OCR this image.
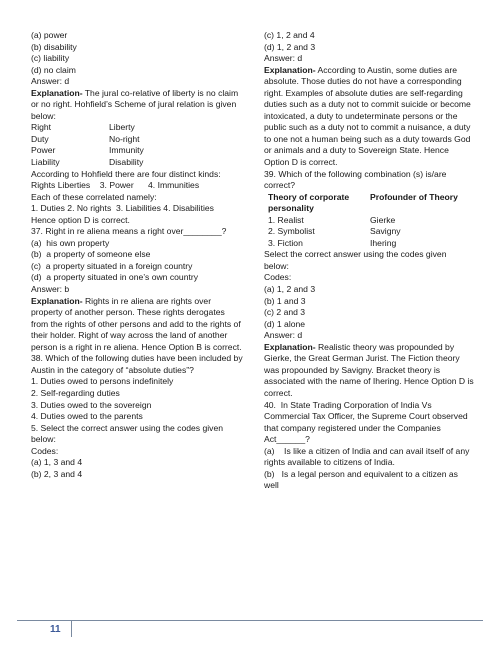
(a) power
(b) disability
(c) liability
(d) no claim
Answer: d
Explanation- The jural co-relative of liberty is no claim or no right. Hohfield’s Scheme of jural relation is given below:
Right	Liberty
Duty	No-right
Power	Immunity
Liability	Disability
According to Hohfield there are four distinct kinds:
Rights Liberties    3. Power      4. Immunities
Each of these correlated namely:
1. Duties 2. No rights  3. Liabilities 4. Disabilities
Hence option D is correct.
37. Right in re aliena means a right over________?
(a)  his own property
(b)  a property of someone else
(c)  a property situated in a foreign country
(d)  a property situated in one’s own country
Answer: b
Explanation- Rights in re aliena are rights over property of another person. These rights derogates from the rights of other persons and add to the rights of their holder. Right of way across the land of another person is a right in re aliena. Hence Option B is correct.
38. Which of the following duties have been included by Austin in the category of “absolute duties”?
1. Duties owed to persons indefinitely
2. Self-regarding duties
3. Duties owed to the sovereign
4. Duties owed to the parents
5. Select the correct answer using the codes given below:
Codes:
(a) 1, 3 and 4
(b) 2, 3 and 4
(c) 1, 2 and 4
(d) 1, 2 and 3
Answer: d
Explanation- According to Austin, some duties are absolute. Those duties do not have a corresponding right. Examples of absolute duties are self-regarding duties such as a duty not to commit suicide or become intoxicated, a duty to undeterminate persons or the public such as a duty not to commit a nuisance, a duty to one not a human being such as a duty towards God or animals and a duty to Sovereign State. Hence Option D is correct.
39. Which of the following combination (s) is/are correct?
Theory of corporate personality
Profounder of Theory
1. Realist	Gierke
2. Symbolist	Savigny
3. Fiction	Ihering
Select the correct answer using the codes given below:
Codes:
(a) 1, 2 and 3
(b) 1 and 3
(c) 2 and 3
(d) 1 alone
Answer: d
Explanation- Realistic theory was propounded by Gierke, the Great German Jurist. The Fiction theory was propounded by Savigny. Bracket theory is associated with the name of Ihering. Hence Option D is correct.
40.  In State Trading Corporation of India Vs Commercial Tax Officer, the Supreme Court observed that company registered under the Companies Act______?
(a)    Is like a citizen of India and can avail itself of any rights available to citizens of India.
(b)   Is a legal person and equivalent to a citizen as well
11
